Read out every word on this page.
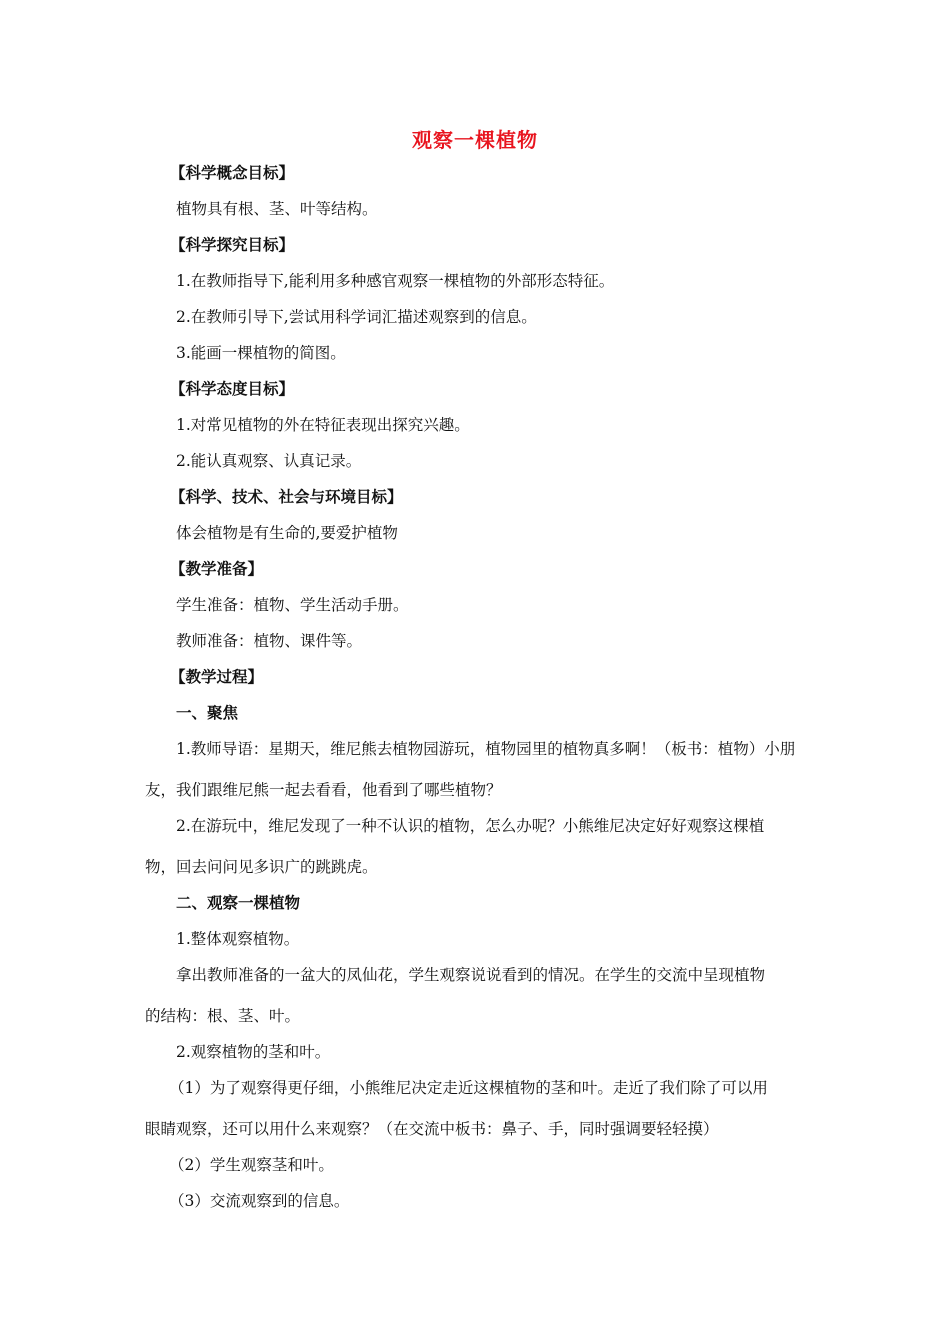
观察一棵植物
【科学概念目标】
植物具有根、茎、叶等结构。
【科学探究目标】
1.在教师指导下,能利用多种感官观察一棵植物的外部形态特征。
2.在教师引导下,尝试用科学词汇描述观察到的信息。
3.能画一棵植物的简图。
【科学态度目标】
1.对常见植物的外在特征表现出探究兴趣。
2.能认真观察、认真记录。
【科学、技术、社会与环境目标】
体会植物是有生命的,要爱护植物
【教学准备】
学生准备：植物、学生活动手册。
教师准备：植物、课件等。
【教学过程】
一、聚焦
1.教师导语：星期天，维尼熊去植物园游玩，植物园里的植物真多啊！（板书：植物）小朋
友，我们跟维尼熊一起去看看，他看到了哪些植物？
2.在游玩中，维尼发现了一种不认识的植物，怎么办呢？小熊维尼决定好好观察这棵植
物，回去问问见多识广的跳跳虎。
二、观察一棵植物
1.整体观察植物。
拿出教师准备的一盆大的凤仙花，学生观察说说看到的情况。在学生的交流中呈现植物
的结构：根、茎、叶。
2.观察植物的茎和叶。
（1）为了观察得更仔细，小熊维尼决定走近这棵植物的茎和叶。走近了我们除了可以用
眼睛观察，还可以用什么来观察？（在交流中板书：鼻子、手，同时强调要轻轻摸）
（2）学生观察茎和叶。
（3）交流观察到的信息。
